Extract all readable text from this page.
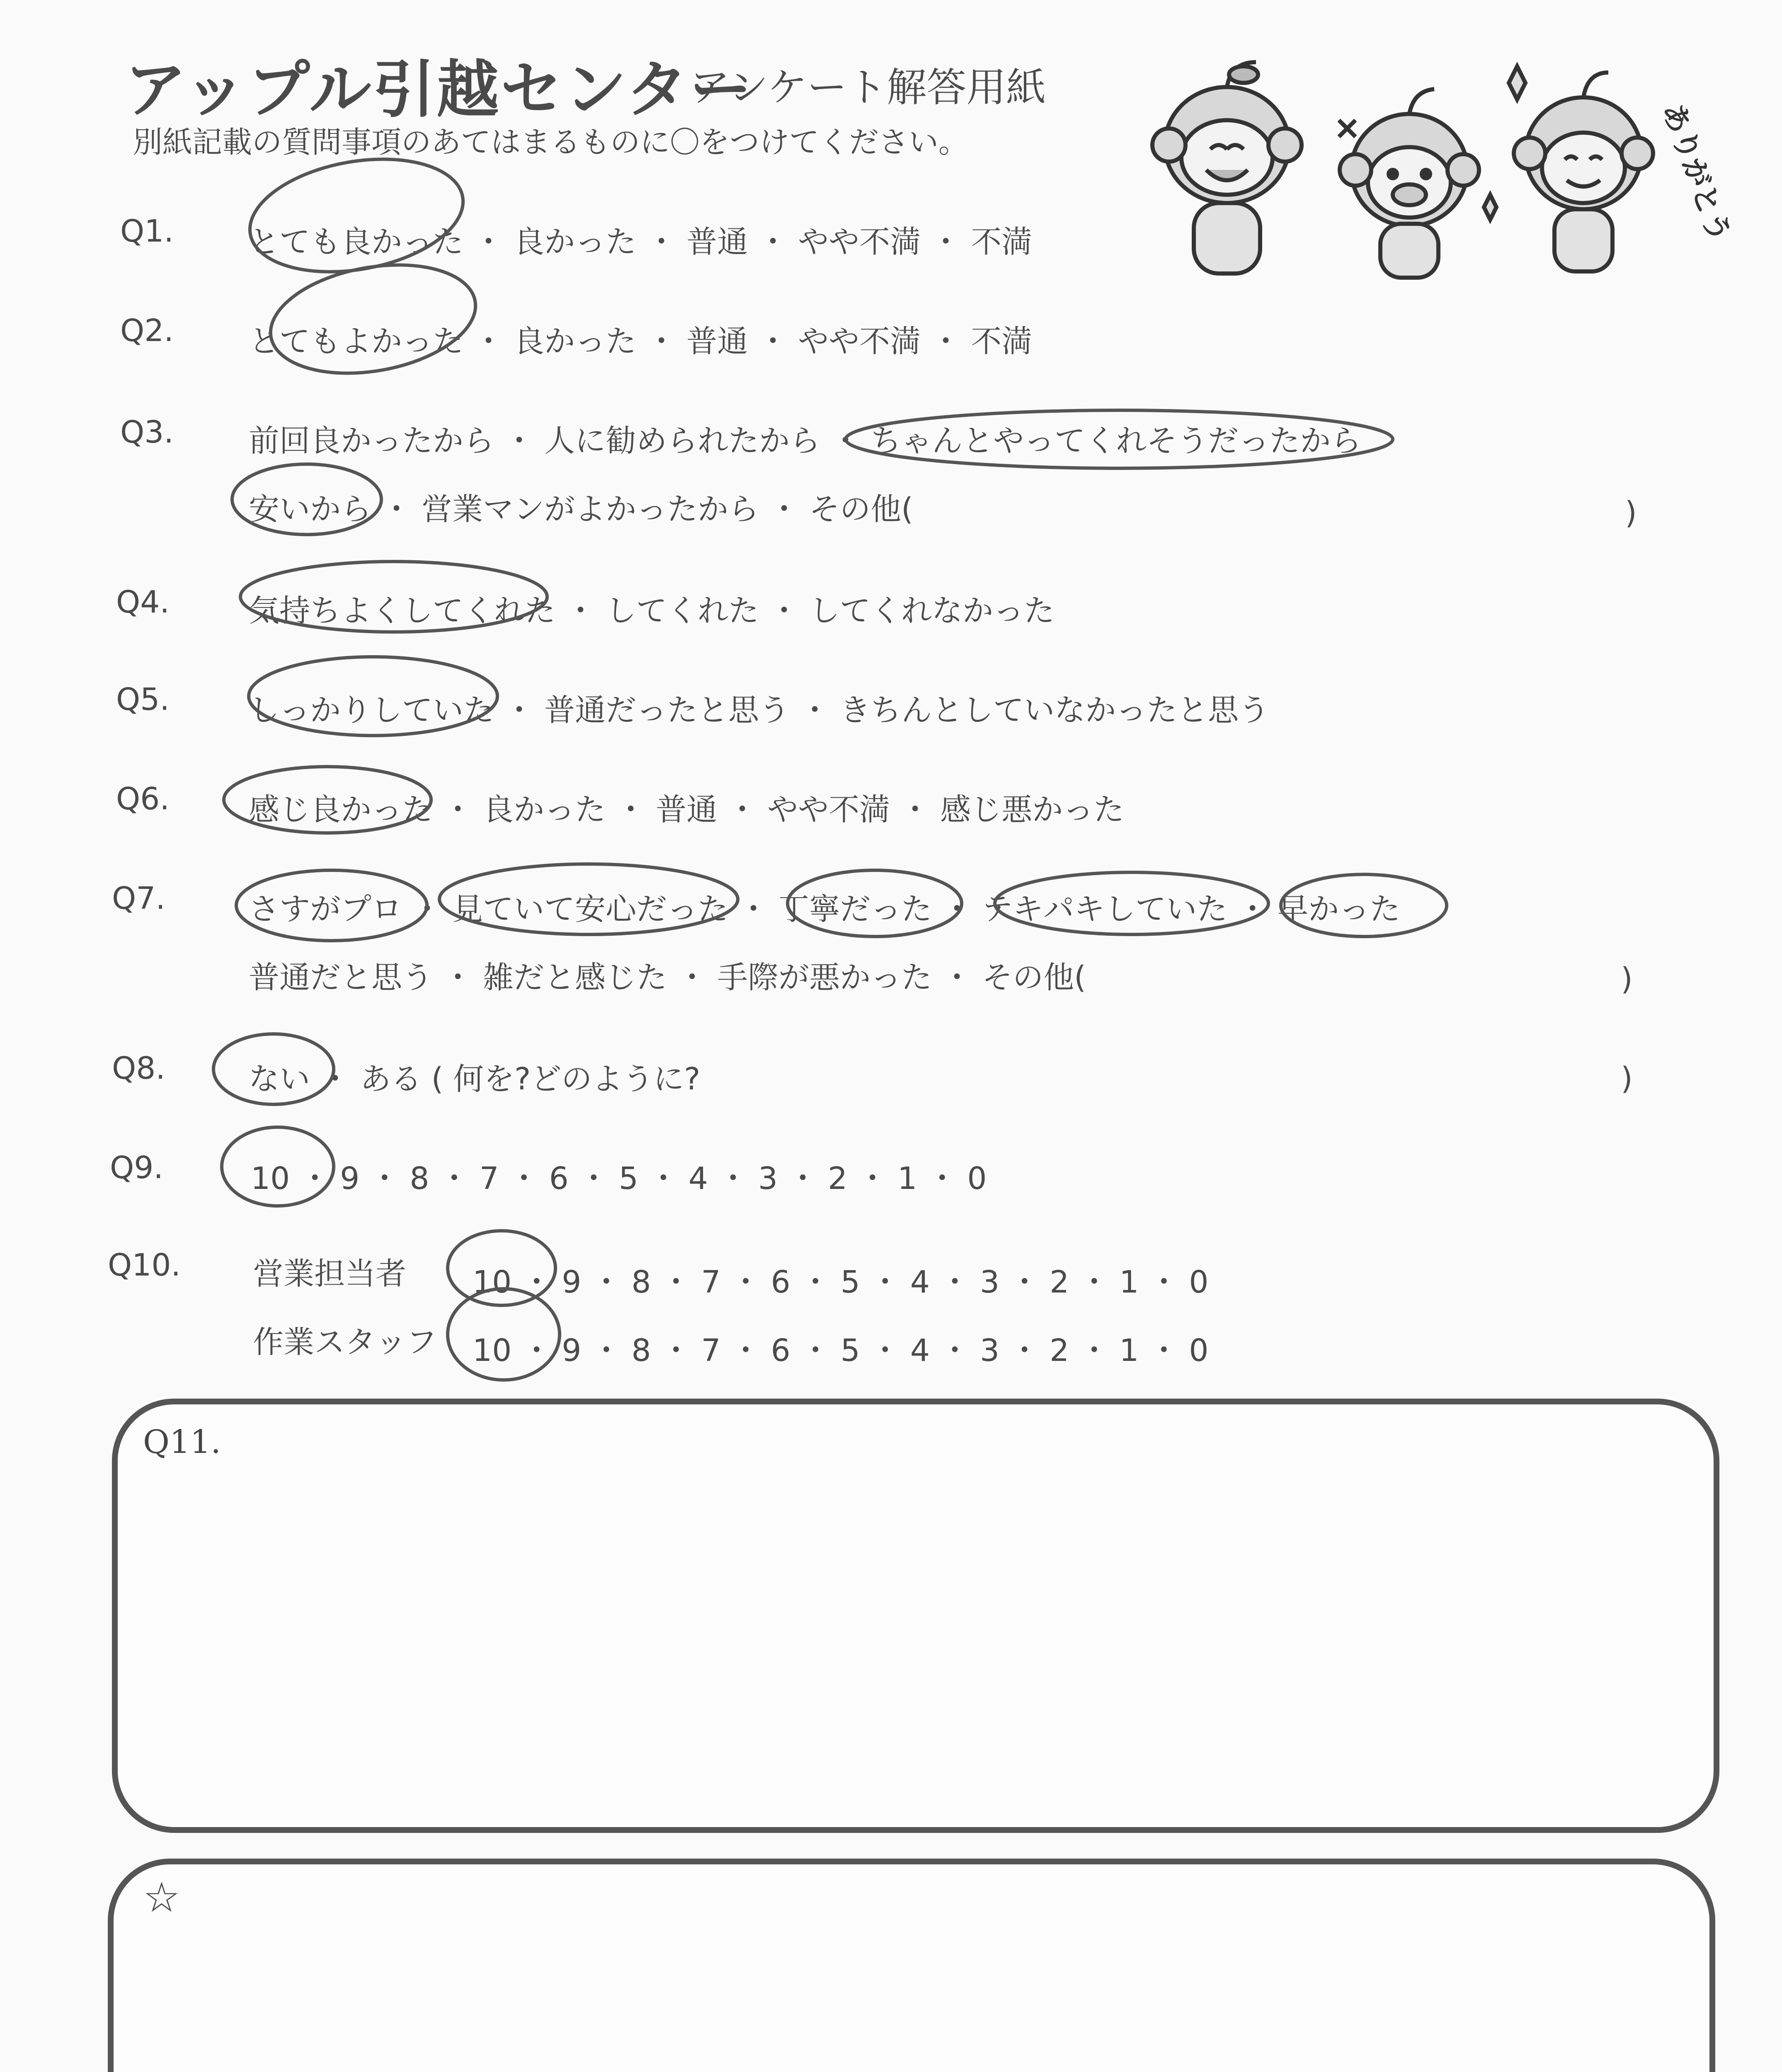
アップル引越センター
アンケート解答用紙
別紙記載の質問事項のあてはまるものに〇をつけてください。	ありがとう
Q1. とても良かった ・ 良かった ・ 普通 ・ やや不満 ・ 不満
Q2. とてもよかった ・ 良かった ・ 普通 ・ やや不満 ・ 不満
Q3. 前回良かったから ・ 人に勧められたから ・ ちゃんとやってくれそうだったから
安いから ・ 営業マンがよかったから ・ その他(	)
Q4.	気持ちよくしてくれた ・ してくれた ・ してくれなかった
Q5.	しっかりしていた ・ 普通だったと思う ・ きちんとしていなかったと思う
Q6.	感じ良かった ・ 良かった ・ 普通 ・ やや不満 ・ 感じ悪かった
Q7.	さすがプロ ・ 見ていて安心だった ・ 丁寧だった ・ テキパキしていた ・ 早かった
普通だと思う ・ 雑だと感じた ・ 手際が悪かった ・ その他(	)
Q8.	ない ・ ある ( 何を?どのように?	)
Q9.	10 ・ 9 ・ 8 ・ 7 ・ 6 ・ 5 ・ 4 ・ 3 ・ 2 ・ 1 ・ 0
Q10. 営業担当者 10 ・ 9 ・ 8 ・ 7 ・ 6 ・ 5 ・ 4 ・ 3 ・ 2 ・ 1 ・ 0
作業スタッフ 10 ・ 9 ・ 8 ・ 7 ・ 6 ・ 5 ・ 4 ・ 3 ・ 2 ・ 1 ・ 0
Q11.
☆
